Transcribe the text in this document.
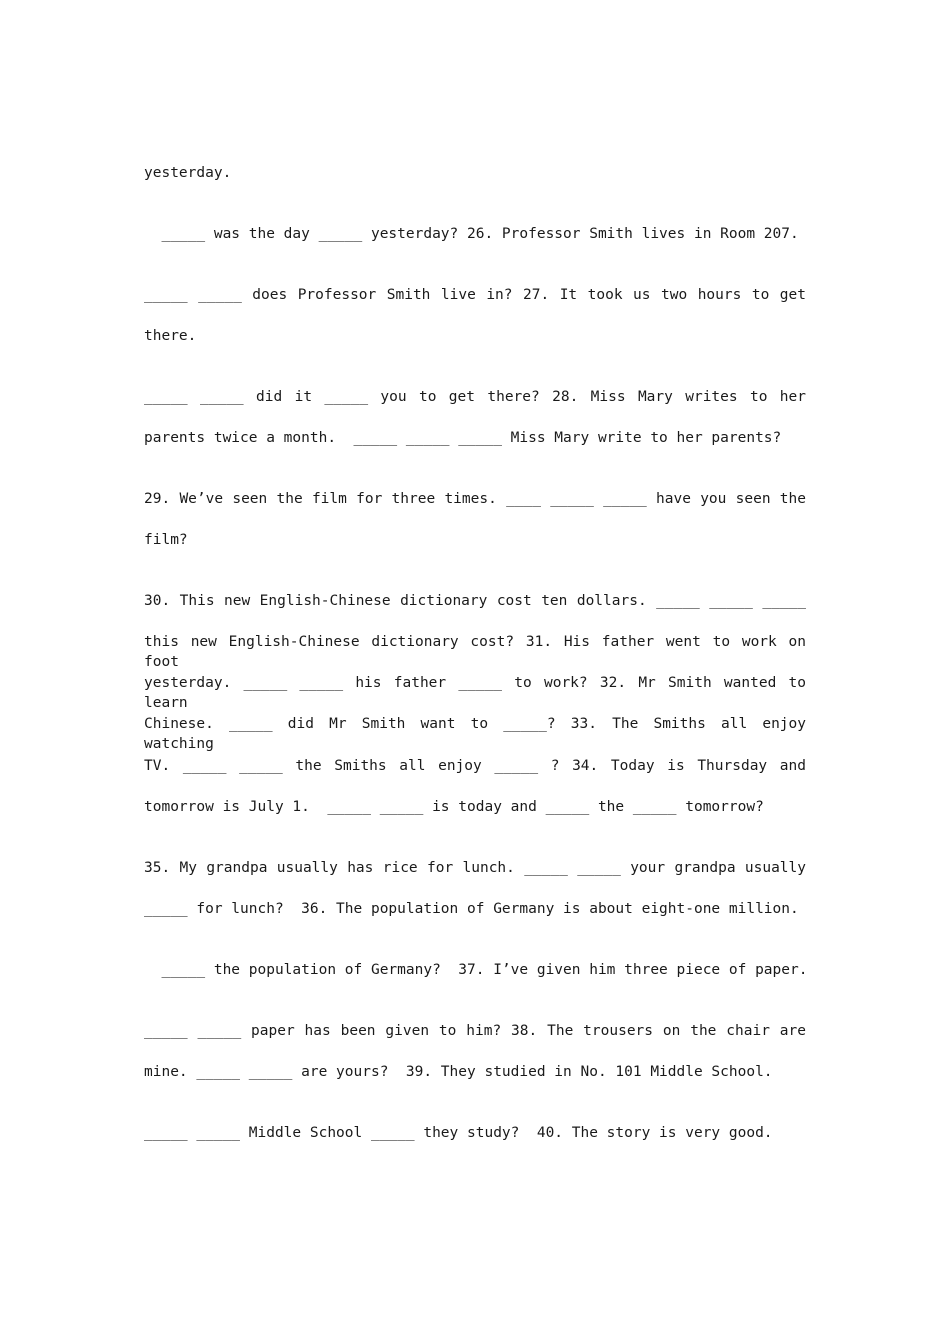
yesterday.
_____ was the day _____ yesterday? 26. Professor Smith lives in Room 207.
_____ _____ does Professor Smith live in? 27. It took us two hours to get
there.
_____ _____ did it _____ you to get there? 28. Miss Mary writes to her
parents twice a month.  _____ _____ _____ Miss Mary write to her parents?
29. We’ve seen the film for three times. ____ _____ _____ have you seen the
film?
30. This new English-Chinese dictionary cost ten dollars. _____ _____ _____
this new English-Chinese dictionary cost? 31. His father went to work on foot
yesterday. _____ _____ his father _____ to work? 32. Mr Smith wanted to learn
Chinese. _____ did Mr Smith want to _____? 33. The Smiths all enjoy watching
TV. _____ _____ the Smiths all enjoy _____ ? 34. Today is Thursday and
tomorrow is July 1.  _____ _____ is today and _____ the _____ tomorrow?
35. My grandpa usually has rice for lunch. _____ _____ your grandpa usually
_____ for lunch?  36. The population of Germany is about eight-one million.
_____ the population of Germany?  37. I’ve given him three piece of paper.
_____ _____ paper has been given to him? 38. The trousers on the chair are
mine. _____ _____ are yours?  39. They studied in No. 101 Middle School.
_____ _____ Middle School _____ they study?  40. The story is very good.
